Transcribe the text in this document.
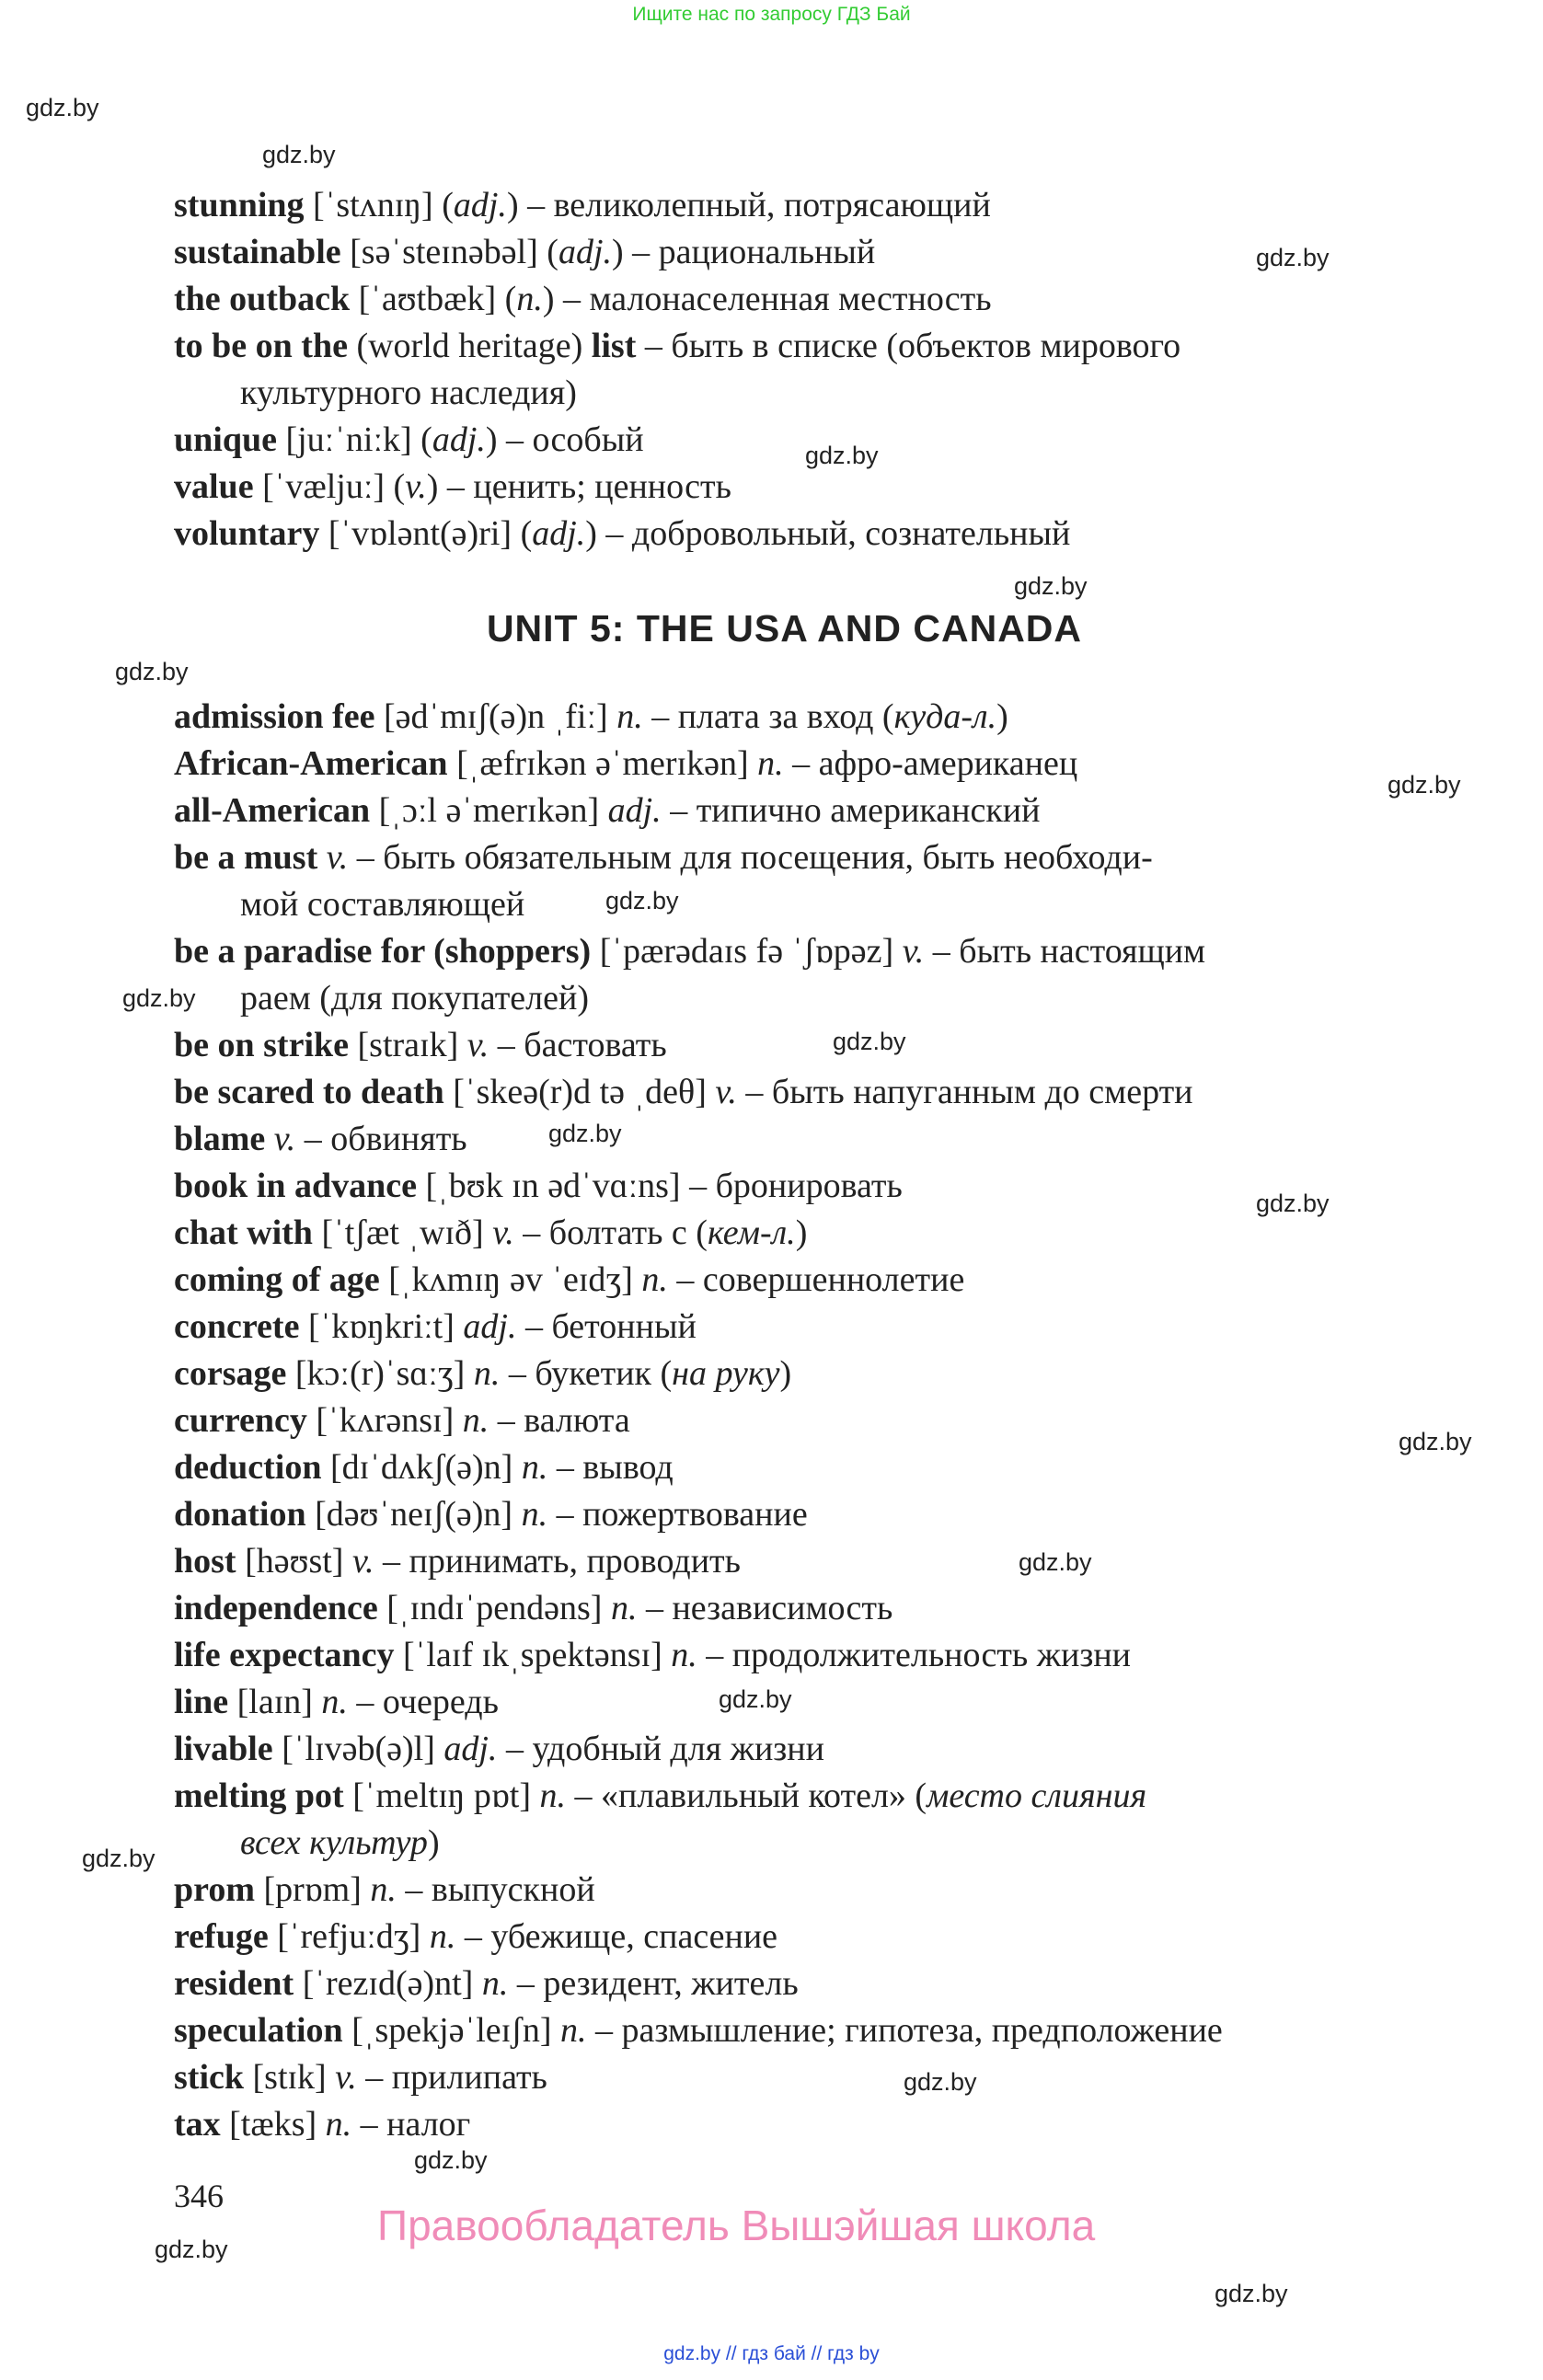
Ищите нас по запросу ГДЗ Бай
gdz.by
gdz.by
gdz.by
gdz.by
gdz.by
gdz.by
gdz.by
gdz.by
gdz.by
gdz.by
gdz.by
gdz.by
gdz.by
gdz.by
gdz.by
gdz.by
gdz.by
gdz.by
gdz.by
gdz.by
stunning [ˈstʌnɪŋ] (adj.) – великолепный, потрясающий
sustainable [səˈsteɪnəbəl] (adj.) – рациональный
the outback [ˈaʊtbæk] (n.) – малонаселенная местность
to be on the (world heritage) list – быть в списке (объектов мирового
культурного наследия)
unique [juːˈniːk] (adj.) – особый
value [ˈvæljuː] (v.) – ценить; ценность
voluntary [ˈvɒlənt(ə)ri] (adj.) – добровольный, сознательный
UNIT 5: THE USA AND CANADA
admission fee [ədˈmɪʃ(ə)n ˌfiː] n. – плата за вход (куда-л.)
African-American [ˌæfrɪkən əˈmerɪkən] n. – афро-американец
all-American [ˌɔːl əˈmerɪkən] adj. – типично американский
be a must v. – быть обязательным для посещения, быть необходи-
мой составляющей
be a paradise for (shoppers) [ˈpærədaɪs fə ˈʃɒpəz] v. – быть настоящим
раем (для покупателей)
be on strike [straɪk] v. – бастовать
be scared to death [ˈskeə(r)d tə ˌdeθ] v. – быть напуганным до смерти
blame v. – обвинять
book in advance [ˌbʊk ɪn ədˈvɑːns] – бронировать
chat with [ˈtʃæt ˌwɪð] v. – болтать с (кем-л.)
coming of age [ˌkʌmɪŋ əv ˈeɪdʒ] n. – совершеннолетие
concrete [ˈkɒŋkriːt] adj. – бетонный
corsage [kɔː(r)ˈsɑːʒ] n. – букетик (на руку)
currency [ˈkʌrənsɪ] n. – валюта
deduction [dɪˈdʌkʃ(ə)n] n. – вывод
donation [dəʊˈneɪʃ(ə)n] n. – пожертвование
host [həʊst] v. – принимать, проводить
independence [ˌɪndɪˈpendəns] n. – независимость
life expectancy [ˈlaɪf ɪkˌspektənsɪ] n. – продолжительность жизни
line [laɪn] n. – очередь
livable [ˈlɪvəb(ə)l] adj. – удобный для жизни
melting pot [ˈmeltɪŋ pɒt] n. – «плавильный котел» (место слияния
всех культур)
prom [prɒm] n. – выпускной
refuge [ˈrefjuːdʒ] n. – убежище, спасение
resident [ˈrezɪd(ə)nt] n. – резидент, житель
speculation [ˌspekjəˈleɪʃn] n. – размышление; гипотеза, предположение
stick [stɪk] v. – прилипать
tax [tæks] n. – налог
346
Правообладатель Вышэйшая школа
gdz.by // гдз бай // гдз by
